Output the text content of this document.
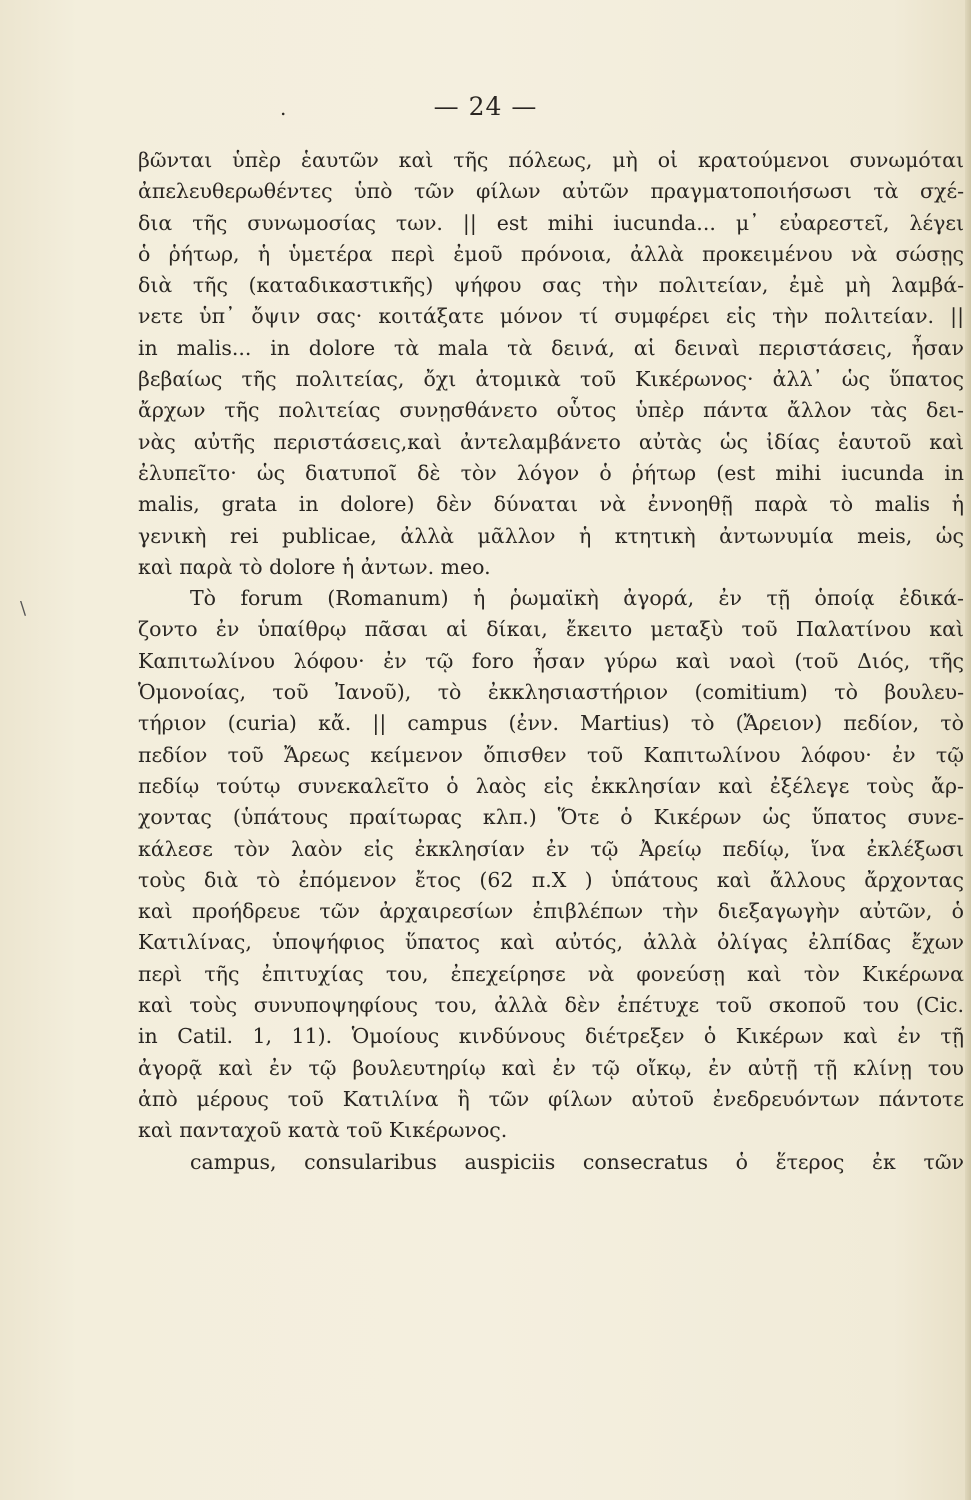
.	— 24 —
\
βῶνται ὑπὲρ ἑαυτῶν καὶ τῆς πόλεως, μὴ οἱ κρατούμενοι συνωμόται
ἀπελευθερωθέντες ὑπὸ τῶν φίλων αὐτῶν πραγματοποιήσωσι τὰ σχέ-
δια τῆς συνωμοσίας των. || est mihi iucunda... μ᾽ εὐαρεστεῖ, λέγει
ὁ ῥήτωρ, ἡ ὑμετέρα περὶ ἐμοῦ πρόνοια, ἀλλὰ προκειμένου νὰ σώσῃς
διὰ τῆς (καταδικαστικῆς) ψήφου σας τὴν πολιτείαν, ἐμὲ μὴ λαμβά-
νετε ὑπ᾽ ὄψιν σας· κοιτάξατε μόνον τί συμφέρει εἰς τὴν πολιτείαν. ||
in malis... in dolore τὰ mala τὰ δεινά, αἱ δειναὶ περιστάσεις, ἦσαν
βεβαίως τῆς πολιτείας, ὄχι ἀτομικὰ τοῦ Κικέρωνος· ἀλλ᾽ ὡς ὕπατος
ἄρχων τῆς πολιτείας συνῃσθάνετο οὗτος ὑπὲρ πάντα ἄλλον τὰς δει-
νὰς αὐτῆς περιστάσεις,καὶ ἀντελαμβάνετο αὐτὰς ὡς ἰδίας ἑαυτοῦ καὶ
ἐλυπεῖτο· ὡς διατυποῖ δὲ τὸν λόγον ὁ ῥήτωρ (est mihi iucunda in
malis, grata in dolore) δὲν δύναται νὰ ἐννοηθῇ παρὰ τὸ malis ἡ
γενικὴ rei publicae, ἀλλὰ μᾶλλον ἡ κτητικὴ ἀντωνυμία meis, ὡς
καὶ παρὰ τὸ dolore ἡ ἀντων. meo.
Τὸ forum (Romanum) ἡ ῥωμαϊκὴ ἀγορά, ἐν τῇ ὁποίᾳ ἐδικά-
ζοντο ἐν ὑπαίθρῳ πᾶσαι αἱ δίκαι, ἔκειτο μεταξὺ τοῦ Παλατίνου καὶ
Καπιτωλίνου λόφου· ἐν τῷ foro ἦσαν γύρω καὶ ναοὶ (τοῦ Διός, τῆς
Ὁμονοίας, τοῦ Ἰανοῦ), τὸ ἐκκλησιαστήριον (comitium) τὸ βουλευ-
τήριον (curia) κἄ. || campus (ἐνν. Martius) τὸ (Ἄρειον) πεδίον, τὸ
πεδίον τοῦ Ἄρεως κείμενον ὄπισθεν τοῦ Καπιτωλίνου λόφου· ἐν τῷ
πεδίῳ τούτῳ συνεκαλεῖτο ὁ λαὸς εἰς ἐκκλησίαν καὶ ἐξέλεγε τοὺς ἄρ-
χοντας (ὑπάτους πραίτωρας κλπ.) Ὅτε ὁ Κικέρων ὡς ὕπατος συνε-
κάλεσε τὸν λαὸν εἰς ἐκκλησίαν ἐν τῷ Ἀρείῳ πεδίῳ, ἵνα ἐκλέξωσι
τοὺς διὰ τὸ ἐπόμενον ἔτος (62 π.Χ ) ὑπάτους καὶ ἄλλους ἄρχοντας
καὶ προήδρευε τῶν ἀρχαιρεσίων ἐπιβλέπων τὴν διεξαγωγὴν αὐτῶν, ὁ
Κατιλίνας, ὑποψήφιος ὕπατος καὶ αὐτός, ἀλλὰ ὀλίγας ἐλπίδας ἔχων
περὶ τῆς ἐπιτυχίας του, ἐπεχείρησε νὰ φονεύσῃ καὶ τὸν Κικέρωνα
καὶ τοὺς συνυποψηφίους του, ἀλλὰ δὲν ἐπέτυχε τοῦ σκοποῦ του (Cic.
in Catil. 1, 11). Ὁμοίους κινδύνους διέτρεξεν ὁ Κικέρων καὶ ἐν τῇ
ἀγορᾷ καὶ ἐν τῷ βουλευτηρίῳ καὶ ἐν τῷ οἴκῳ, ἐν αὐτῇ τῇ κλίνῃ του
ἀπὸ μέρους τοῦ Κατιλίνα ἢ τῶν φίλων αὐτοῦ ἐνεδρευόντων πάντοτε
καὶ πανταχοῦ κατὰ τοῦ Κικέρωνος.
campus, consularibus auspiciis consecratus ὁ ἕτερος ἐκ τῶν
